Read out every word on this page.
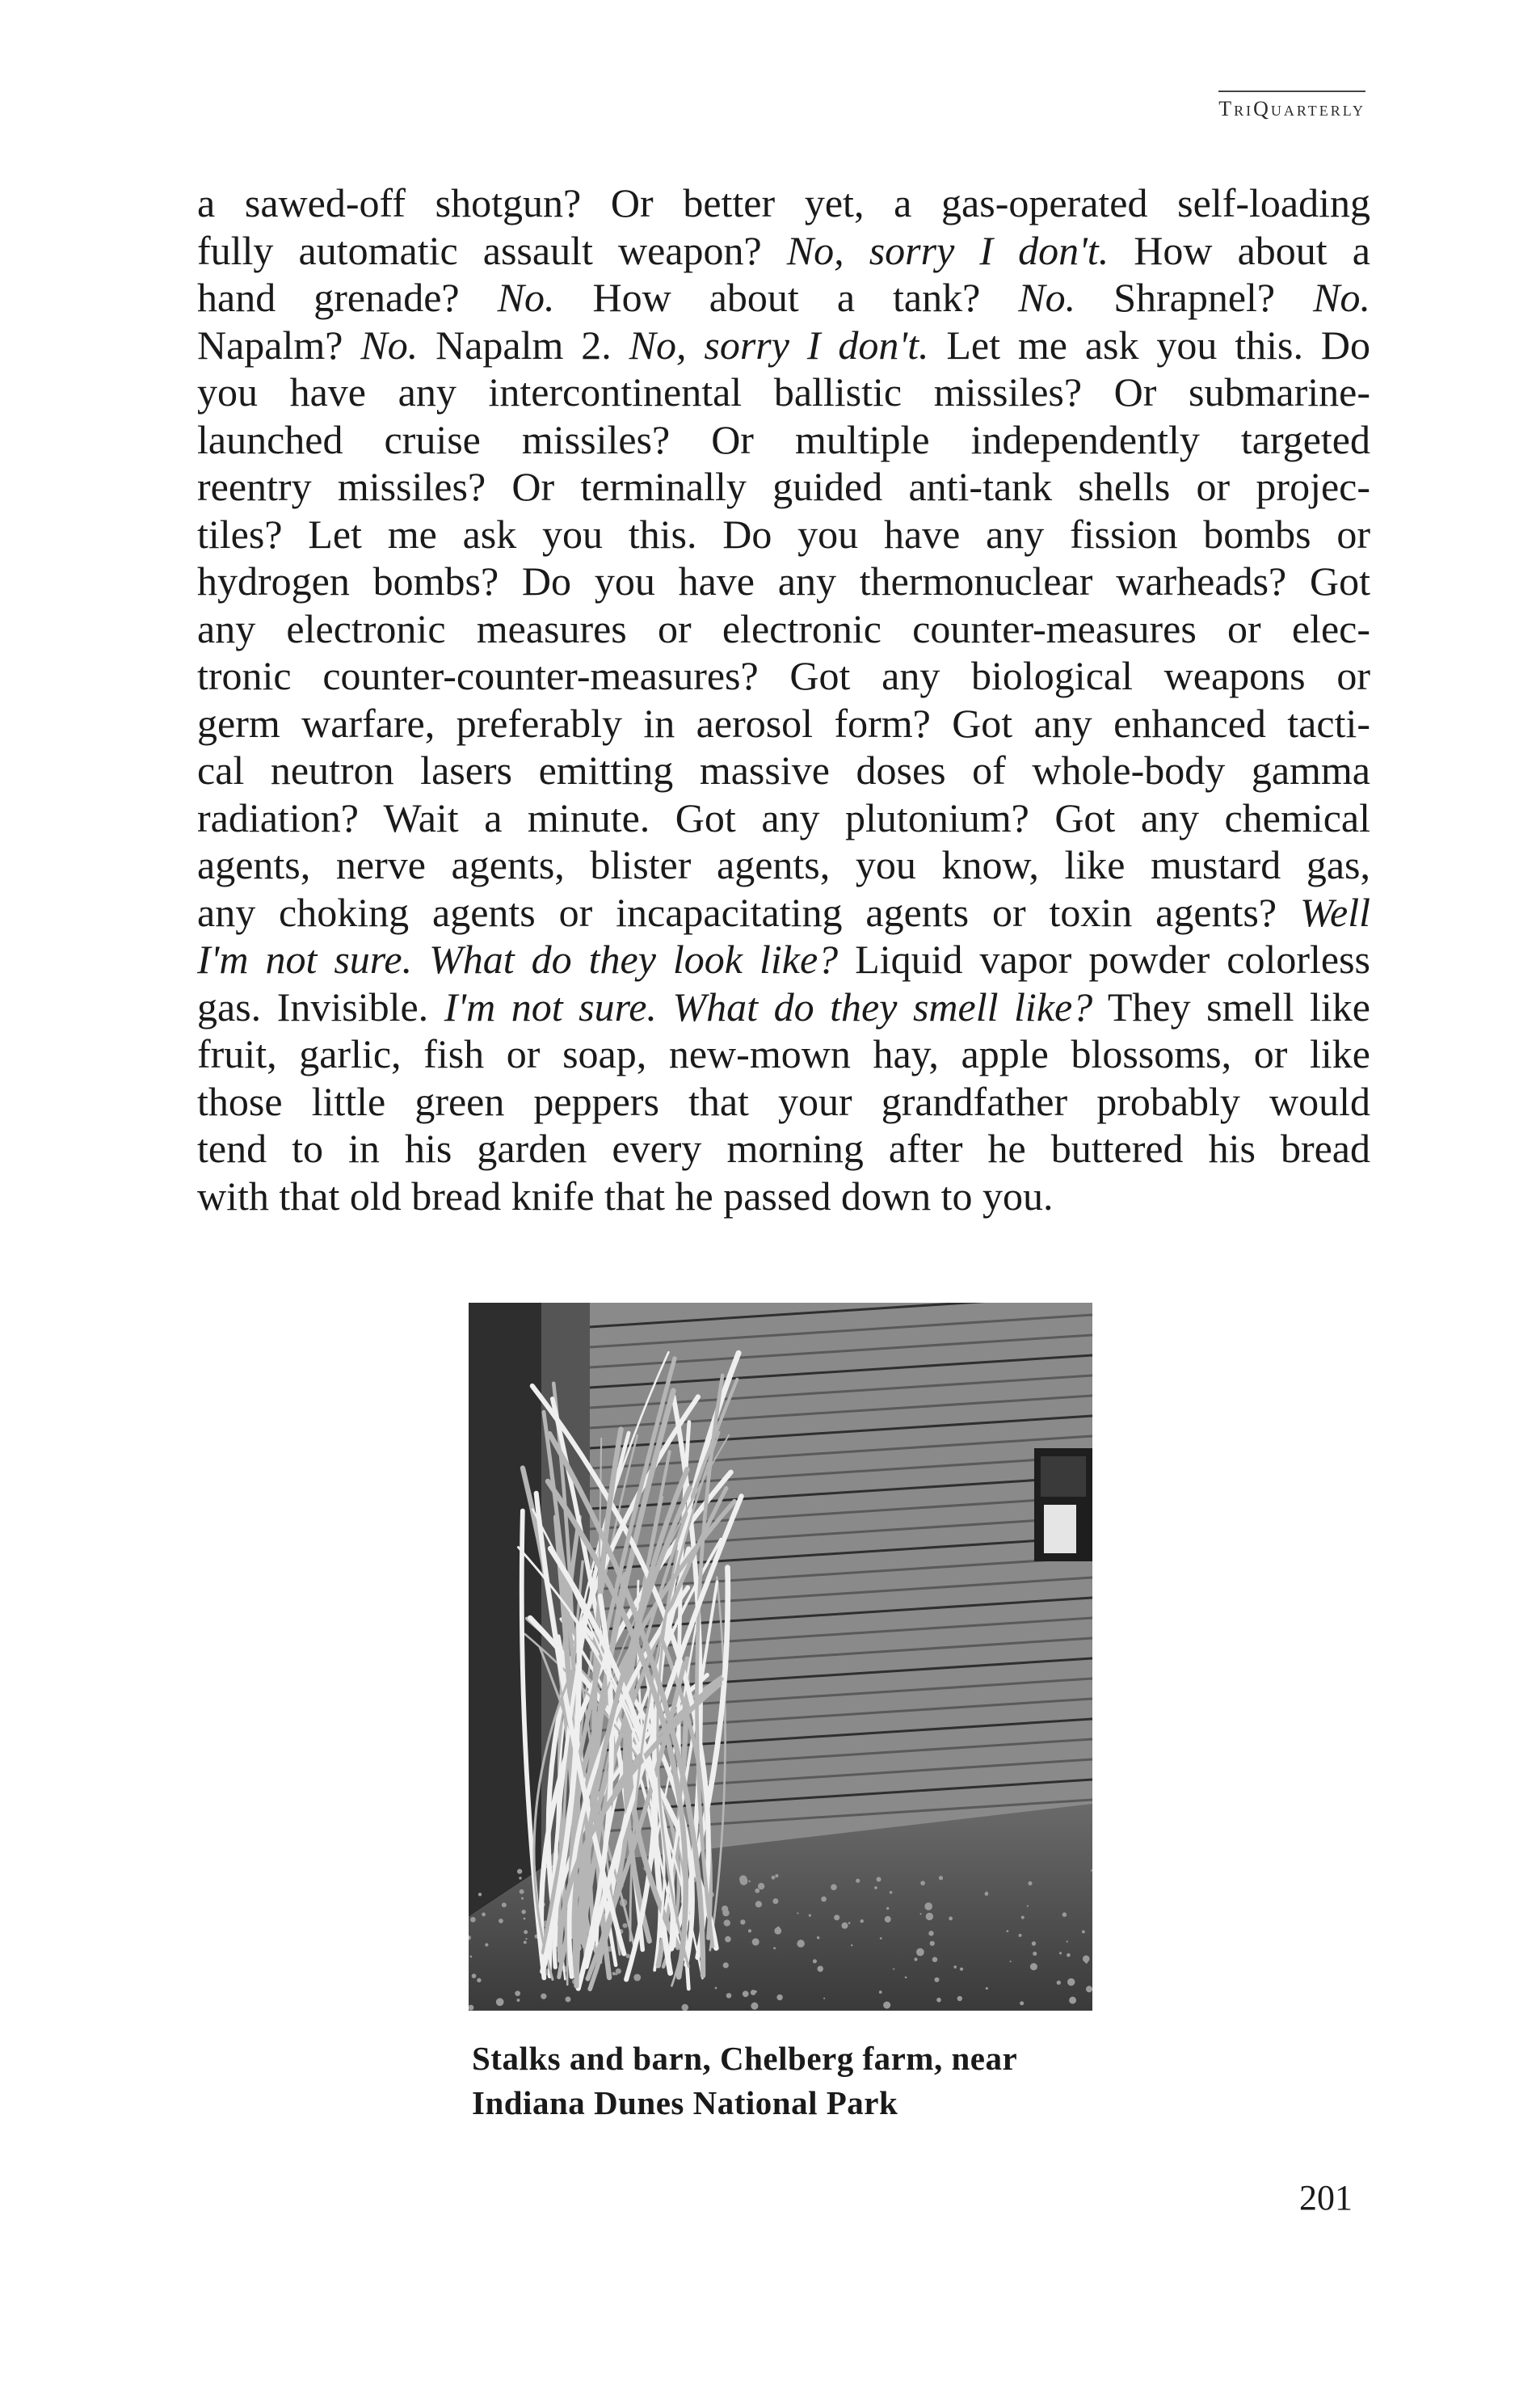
TriQuarterly
a sawed-off shotgun? Or better yet, a gas-operated self-loading
fully automatic assault weapon? No, sorry I don't. How about a
hand grenade? No. How about a tank? No. Shrapnel? No.
Napalm? No. Napalm 2. No, sorry I don't. Let me ask you this. Do
you have any intercontinental ballistic missiles? Or submarine-
launched cruise missiles? Or multiple independently targeted
reentry missiles? Or terminally guided anti-tank shells or projec-
tiles? Let me ask you this. Do you have any fission bombs or
hydrogen bombs? Do you have any thermonuclear warheads? Got
any electronic measures or electronic counter-measures or elec-
tronic counter-counter-measures? Got any biological weapons or
germ warfare, preferably in aerosol form? Got any enhanced tacti-
cal neutron lasers emitting massive doses of whole-body gamma
radiation? Wait a minute. Got any plutonium? Got any chemical
agents, nerve agents, blister agents, you know, like mustard gas,
any choking agents or incapacitating agents or toxin agents? Well
I'm not sure. What do they look like? Liquid vapor powder colorless
gas. Invisible. I'm not sure. What do they smell like? They smell like
fruit, garlic, fish or soap, new-mown hay, apple blossoms, or like
those little green peppers that your grandfather probably would
tend to in his garden every morning after he buttered his bread
with that old bread knife that he passed down to you.
Stalks and barn, Chelberg farm, near
Indiana Dunes National Park
201
